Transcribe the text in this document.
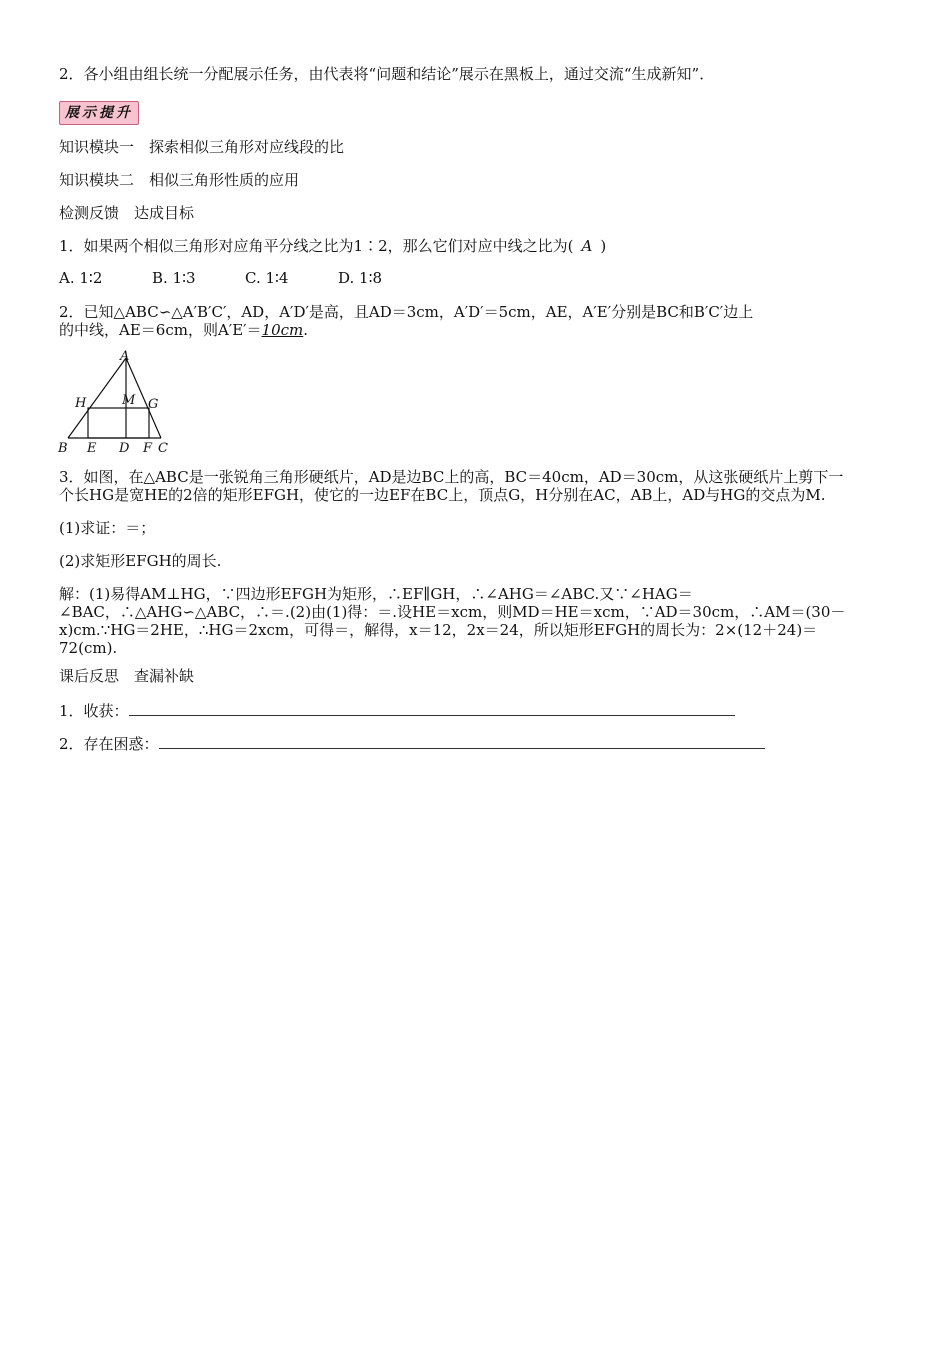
2．各小组由组长统一分配展示任务，由代表将“问题和结论”展示在黑板上，通过交流“生成新知”．
展示提升
知识模块一　探索相似三角形对应线段的比
知识模块二　相似三角形性质的应用
检测反馈　达成目标
1．如果两个相似三角形对应角平分线之比为1∶2，那么它们对应中线之比为( A )
A. 1∶2	B. 1∶3	C. 1∶4	D. 1∶8
2．已知△ABC∽△A′B′C′，AD，A′D′是高，且AD＝3cm，A′D′＝5cm，AE，A′E′分别是BC和B′C′边上
的中线，AE＝6cm，则A′E′＝10cm.
A
H	M G
B E D F C
3．如图，在△ABC是一张锐角三角形硬纸片，AD是边BC上的高，BC＝40cm，AD＝30cm，从这张硬纸片上剪下一
个长HG是宽HE的2倍的矩形EFGH，使它的一边EF在BC上，顶点G，H分别在AC，AB上，AD与HG的交点为M.
(1)求证：＝；
(2)求矩形EFGH的周长.
解：(1)易得AM⊥HG，∵四边形EFGH为矩形，∴EF∥GH，∴∠AHG＝∠ABC.又∵∠HAG＝
∠BAC，∴△AHG∽△ABC，∴＝.(2)由(1)得：＝.设HE＝xcm，则MD＝HE＝xcm，∵AD＝30cm，∴AM＝(30－
x)cm.∵HG＝2HE，∴HG＝2xcm，可得＝，解得，x＝12，2x＝24，所以矩形EFGH的周长为：2×(12＋24)＝
72(cm).
课后反思　查漏补缺
1．收获：
2．存在困惑：
